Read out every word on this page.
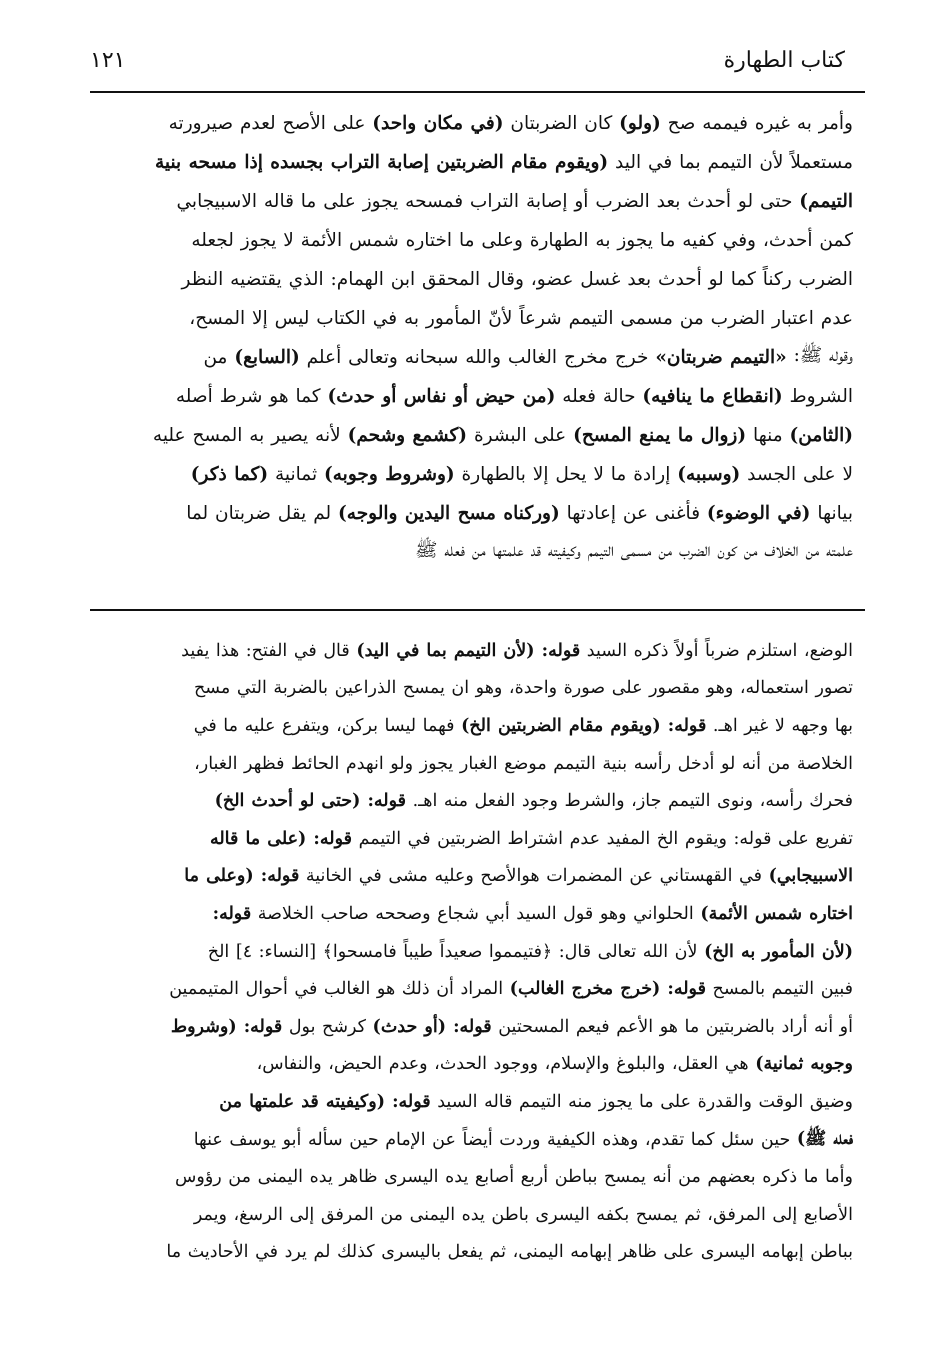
كتاب الطهارة
١٢١
وأمر به غيره فيممه صح
(ولو)
كان الضربتان
(في مكان واحد)
على الأصح لعدم صيرورته
مستعملاً لأن التيمم بما في اليد
(ويقوم مقام الضربتين إصابة التراب بجسده إذا مسحه بنية
التيمم)
حتى لو أحدث بعد الضرب أو إصابة التراب فمسحه يجوز على ما قاله الاسبيجابي
كمن أحدث، وفي كفيه ما يجوز به الطهارة وعلى ما اختاره شمس الأئمة لا يجوز لجعله
الضرب ركناً كما لو أحدث بعد غسل عضو، وقال المحقق ابن الهمام: الذي يقتضيه النظر
عدم اعتبار الضرب من مسمى التيمم شرعاً لأنّ المأمور به في الكتاب ليس إلا المسح،
وقوله ﷺ:
«التيمم ضربتان»
خرج مخرج الغالب والله سبحانه وتعالى أعلم
(السابع)
من
الشروط
(انقطاع ما ينافيه)
حالة فعله
(من حيض أو نفاس أو حدث)
كما هو شرط أصله
(الثامن)
منها
(زوال ما يمنع المسح)
على البشرة
(كشمع وشحم)
لأنه يصير به المسح عليه
لا على الجسد
(وسببه)
إرادة ما لا يحل إلا بالطهارة
(وشروط وجوبه)
ثمانية
(كما ذكر)
بيانها
(في الوضوء)
فأغنى عن إعادتها
(وركناه مسح اليدين والوجه)
لم يقل ضربتان لما
علمته من الخلاف من كون الضرب من مسمى التيمم وكيفيته قد علمتها من فعله ﷺ
الوضع، استلزم ضرباً أولاً ذكره السيد
قوله:
(لأن التيمم بما في اليد)
قال في الفتح: هذا يفيد
تصور استعماله، وهو مقصور على صورة واحدة، وهو ان يمسح الذراعين بالضربة التي مسح
بها وجهه لا غير اهـ.
قوله: (ويقوم مقام الضربتين الخ)
فهما ليسا بركن، ويتفرع عليه ما في
الخلاصة من أنه لو أدخل رأسه بنية التيمم موضع الغبار يجوز ولو انهدم الحائط فظهر الغبار،
فحرك رأسه، ونوى التيمم جاز، والشرط وجود الفعل منه اهـ.
قوله: (حتى لو أحدث الخ)
تفريع على قوله: ويقوم الخ المفيد عدم اشتراط الضربتين في التيمم
قوله: (على ما قاله
الاسبيجابي)
في القهستاني عن المضمرات هوالأصح وعليه مشى في الخانية
قوله: (وعلى ما
اختاره شمس الأئمة)
الحلواني وهو قول السيد أبي شجاع وصححه صاحب الخلاصة
قوله:
(لأن المأمور به الخ)
لأن الله تعالى قال: ﴿فتيمموا صعيداً طيباً فامسحوا﴾ [النساء: ٤] الخ
فبين التيمم بالمسح
قوله: (خرج مخرج الغالب)
المراد أن ذلك هو الغالب في أحوال المتيممين
أو أنه أراد بالضربتين ما هو الأعم فيعم المسحتين
قوله: (أو حدث)
كرشح بول
قوله: (وشروط
وجوبه ثمانية)
هي العقل، والبلوغ والإسلام، ووجود الحدث، وعدم الحيض، والنفاس،
وضيق الوقت والقدرة على ما يجوز منه التيمم قاله السيد
قوله: (وكيفيته قد علمتها من
فعله ﷺ)
حين سئل كما تقدم، وهذه الكيفية وردت أيضاً عن الإمام حين سأله أبو يوسف عنها
وأما ما ذكره بعضهم من أنه يمسح بباطن أربع أصابع يده اليسرى ظاهر يده اليمنى من رؤوس
الأصابع إلى المرفق، ثم يمسح بكفه اليسرى باطن يده اليمنى من المرفق إلى الرسغ، ويمر
بباطن إبهامه اليسرى على ظاهر إبهامه اليمنى، ثم يفعل باليسرى كذلك لم يرد في الأحاديث ما
